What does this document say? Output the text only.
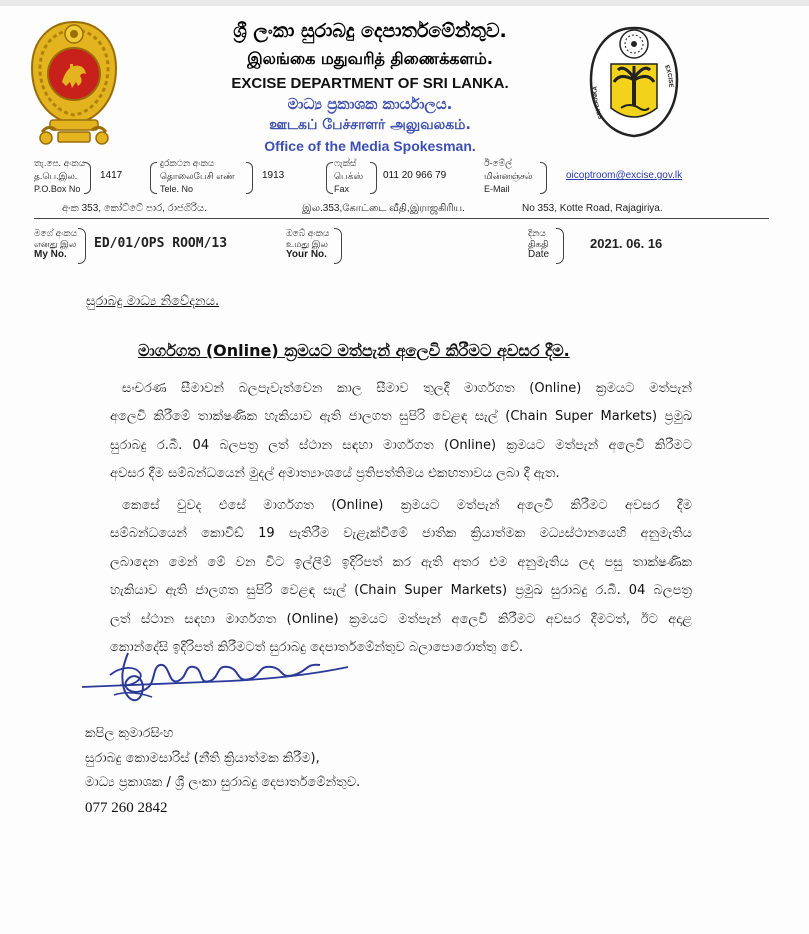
ශ්‍රී ලංකා සුරාබදු දෙපාර්තමේන්තුව.
இலங்கை மதுவரித் திணைக்களம்.
EXCISE DEPARTMENT OF SRI LANKA.
මාධ්‍ය ප්‍රකාශක කාර්යාලය.
ஊடகப் பேச்சாளர் அலுவலகம்.
Office of the Media Spokesman.
SRI LANKA
EXCISE
තැ.පෙ. අංකය
த.பெ.இல.
P.O.Box No
1417
දුරකථන අංකය
தொலைபேசி எண்
Tele. No
1913
ෆැක්ස්
பெக்ஸ்
Fax
011 20 966 79
ඊ-මේල්
மின்னஞ்சல்
E-Mail
oicoptroom@excise.gov.lk
අංක 353, කෝට්ටේ පාර, රාජගිරිය.	இல.353,கோட்டை வீதி,இராஜகிரிய.	No 353, Kotte Road, Rajagiriya.
මගේ අංකය
எனது இல
My No.
ED/01/OPS ROOM/13
ඔබේ අංකය
உமது இல
Your No.
දිනය
திகதி
Date
2021. 06. 16
සුරාබදු මාධ්‍ය නිවේදනය.
මාර්ගගත (Online) ක්‍රමයට මත්පැන් අලෙවි කිරීමට අවසර දීම.
සංචරණ සීමාවන් බලපැවැත්වෙන කාල සීමාව තුලදී මාර්ගගත (Online) ක්‍රමයට මත්පැන්
අලෙවි කිරීමේ තාක්ෂණික හැකියාව ඇති ජාලගත සුපිරි වෙළඳ සැල් (Chain Super Markets) ප්‍රමුඛ
සුරාබදු ර.බී. 04 බලපත්‍ර ලත් ස්ථාන සඳහා මාර්ගගත (Online) ක්‍රමයට මත්පැන් අලෙවි කිරීමට
අවසර දීම සම්බන්ධයෙන් මුදල් අමාත්‍යාංශයේ ප්‍රතිපත්තිමය එකඟතාවය ලබා දී ඇත.
කෙසේ වුවද එසේ මාර්ගගත (Online) ක්‍රමයට මත්පැන් අලෙවි කිරීමට අවසර දීම
සම්බන්ධයෙන් කොවිඩ් 19 පැතිරීම වැළැක්වීමේ ජාතික ක්‍රියාත්මක මධ්‍යස්ථානයෙහි අනුමැතිය
ලබාදෙන මෙන් මේ වන විට ඉල්ලීම් ඉදිරිපත් කර ඇති අතර එම අනුමැතිය ලද පසු තාක්ෂණික
හැකියාව ඇති ජාලගත සුපිරි වෙළඳ සැල් (Chain Super Markets) ප්‍රමුඛ සුරාබදු ර.බී. 04 බලපත්‍ර
ලත් ස්ථාන සඳහා මාර්ගගත (Online) ක්‍රමයට මත්පැන් අලෙවි කිරීමට අවසර දීමටත්, ඊට අදාළ
කොන්දේසි ඉදිරිපත් කිරීමටත් සුරාබදු දෙපාර්තමේන්තුව බලාපොරොත්තු වේ.
කපිල කුමාරසිංහ
සුරාබදු කොමසාරිස් (නීති ක්‍රියාත්මක කිරීම),
මාධ්‍ය ප්‍රකාශක / ශ්‍රී ලංකා සුරාබදු දෙපාර්තමේන්තුව.
077 260 2842
